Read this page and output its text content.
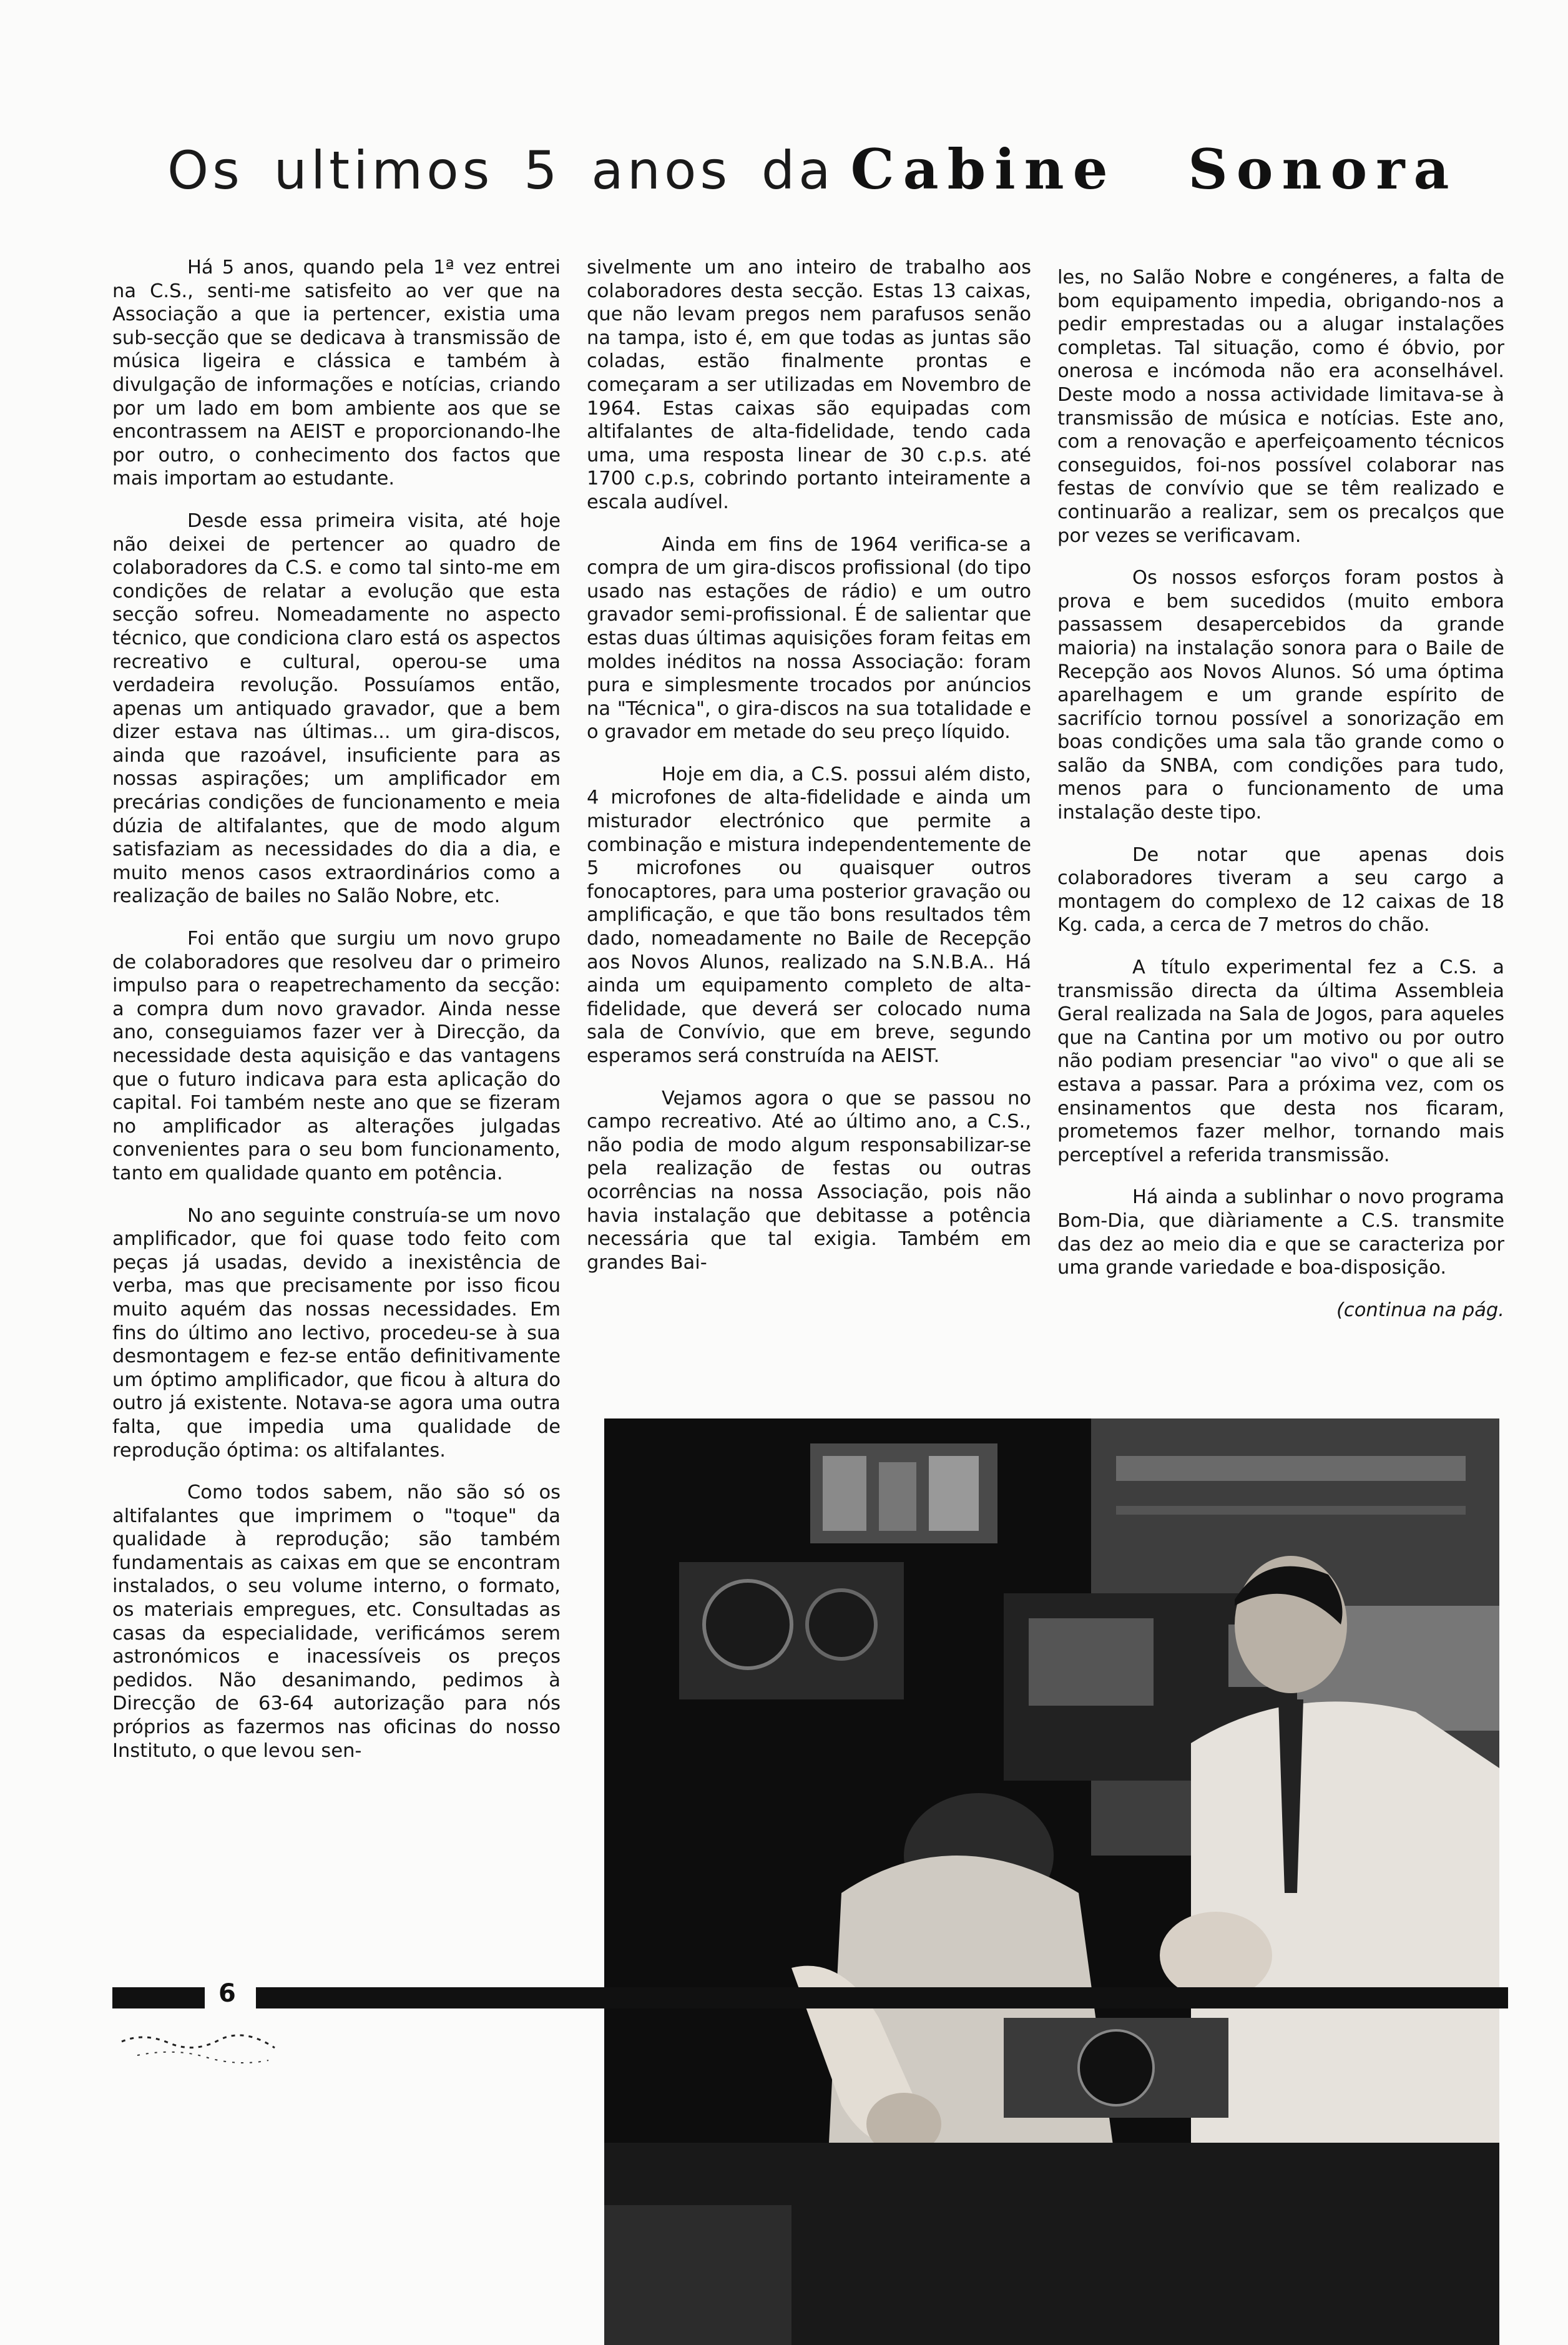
Os ultimos 5 anos da Cabine Sonora

Há 5 anos, quando pela 1ª vez entrei na C.S., senti-me satisfeito ao ver que na Associação a que ia pertencer, existia uma sub-secção que se dedicava à transmissão de música ligeira e clássica e também à divulgação de informações e notícias, criando por um lado em bom ambiente aos que se encontrassem na AEIST e proporcionando-lhe por outro, o conhecimento dos factos que mais importam ao estudante.

Desde essa primeira visita, até hoje não deixei de pertencer ao quadro de colaboradores da C.S. e como tal sinto-me em condições de relatar a evolução que esta secção sofreu. Nomeadamente no aspecto técnico, que condiciona claro está os aspectos recreativo e cultural, operou-se uma verdadeira revolução. Possuíamos então, apenas um antiquado gravador, que a bem dizer estava nas últimas... um gira-discos, ainda que razoável, insuficiente para as nossas aspirações; um amplificador em precárias condições de funcionamento e meia dúzia de altifalantes, que de modo algum satisfaziam as necessidades do dia a dia, e muito menos casos extraordinários como a realização de bailes no Salão Nobre, etc.

Foi então que surgiu um novo grupo de colaboradores que resolveu dar o primeiro impulso para o reapetrechamento da secção: a compra dum novo gravador. Ainda nesse ano, conseguiamos fazer ver à Direcção, da necessidade desta aquisição e das vantagens que o futuro indicava para esta aplicação do capital. Foi também neste ano que se fizeram no amplificador as alterações julgadas convenientes para o seu bom funcionamento, tanto em qualidade quanto em potência.

No ano seguinte construía-se um novo amplificador, que foi quase todo feito com peças já usadas, devido a inexistência de verba, mas que precisamente por isso ficou muito aquém das nossas necessidades. Em fins do último ano lectivo, procedeu-se à sua desmontagem e fez-se então definitivamente um óptimo amplificador, que ficou à altura do outro já existente. Notava-se agora uma outra falta, que impedia uma qualidade de reprodução óptima: os altifalantes.

Como todos sabem, não são só os altifalantes que imprimem o "toque" da qualidade à reprodução; são também fundamentais as caixas em que se encontram instalados, o seu volume interno, o formato, os materiais empregues, etc. Consultadas as casas da especialidade, verificámos serem astronómicos e inacessíveis os preços pedidos. Não desanimando, pedimos à Direcção de 63-64 autorização para nós próprios as fazermos nas oficinas do nosso Instituto, o que levou sen-

sivelmente um ano inteiro de trabalho aos colaboradores desta secção. Estas 13 caixas, que não levam pregos nem parafusos senão na tampa, isto é, em que todas as juntas são coladas, estão finalmente prontas e começaram a ser utilizadas em Novembro de 1964. Estas caixas são equipadas com altifalantes de alta-fidelidade, tendo cada uma, uma resposta linear de 30 c.p.s. até 1700 c.p.s, cobrindo portanto inteiramente a escala audível.

Ainda em fins de 1964 verifica-se a compra de um gira-discos profissional (do tipo usado nas estações de rádio) e um outro gravador semi-profissional. É de salientar que estas duas últimas aquisições foram feitas em moldes inéditos na nossa Associação: foram pura e simplesmente trocados por anúncios na "Técnica", o gira-discos na sua totalidade e o gravador em metade do seu preço líquido.

Hoje em dia, a C.S. possui além disto, 4 microfones de alta-fidelidade e ainda um misturador electrónico que permite a combinação e mistura independentemente de 5 microfones ou quaisquer outros fonocaptores, para uma posterior gravação ou amplificação, e que tão bons resultados têm dado, nomeadamente no Baile de Recepção aos Novos Alunos, realizado na S.N.B.A.. Há ainda um equipamento completo de alta-fidelidade, que deverá ser colocado numa sala de Convívio, que em breve, segundo esperamos será construída na AEIST.

Vejamos agora o que se passou no campo recreativo. Até ao último ano, a C.S., não podia de modo algum responsabilizar-se pela realização de festas ou outras ocorrências na nossa Associação, pois não havia instalação que debitasse a potência necessária que tal exigia. Também em grandes Bai-

les, no Salão Nobre e congéneres, a falta de bom equipamento impedia, obrigando-nos a pedir emprestadas ou a alugar instalações completas. Tal situação, como é óbvio, por onerosa e incómoda não era aconselhável. Deste modo a nossa actividade limitava-se à transmissão de música e notícias. Este ano, com a renovação e aperfeiçoamento técnicos conseguidos, foi-nos possível colaborar nas festas de convívio que se têm realizado e continuarão a realizar, sem os precalços que por vezes se verificavam.

Os nossos esforços foram postos à prova e bem sucedidos (muito embora passassem desapercebidos da grande maioria) na instalação sonora para o Baile de Recepção aos Novos Alunos. Só uma óptima aparelhagem e um grande espírito de sacrifício tornou possível a sonorização em boas condições uma sala tão grande como o salão da SNBA, com condições para tudo, menos para o funcionamento de uma instalação deste tipo.

De notar que apenas dois colaboradores tiveram a seu cargo a montagem do complexo de 12 caixas de 18 Kg. cada, a cerca de 7 metros do chão.

A título experimental fez a C.S. a transmissão directa da última Assembleia Geral realizada na Sala de Jogos, para aqueles que na Cantina por um motivo ou por outro não podiam presenciar "ao vivo" o que ali se estava a passar. Para a próxima vez, com os ensinamentos que desta nos ficaram, prometemos fazer melhor, tornando mais perceptível a referida transmissão.

Há ainda a sublinhar o novo programa Bom-Dia, que diàriamente a C.S. transmite das dez ao meio dia e que se caracteriza por uma grande variedade e boa-disposição.

(continua na pág.
6
